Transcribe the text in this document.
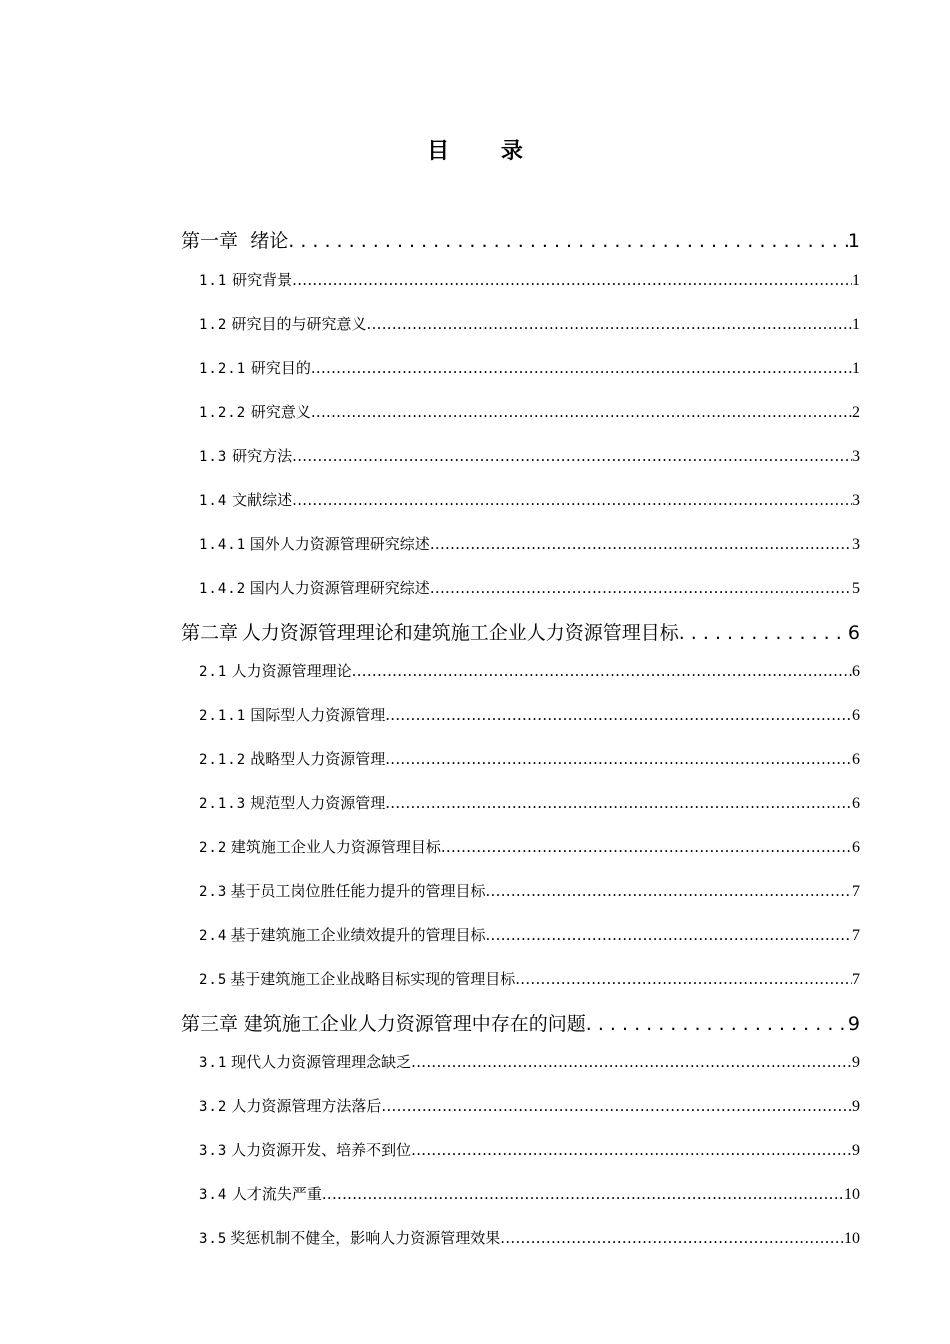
目 录
第一章 绪论 . . .	1
1.1 研究背景 .....	1
1.2 研究目的与研究意义 .....	1
1.2.1 研究目的 .....	1
1.2.2 研究意义 .....	2
1.3 研究方法 .....	3
1.4 文献综述 .....	3
1.4.1 国外人力资源管理研究综述 .....	3
1.4.2 国内人力资源管理研究综述 .....	5
第二章 人力资源管理理论和建筑施工企业人力资源管理目标 . . .	6
2.1 人力资源管理理论 .....	6
2.1.1 国际型人力资源管理 .....	6
2.1.2 战略型人力资源管理 .....	6
2.1.3 规范型人力资源管理 .....	6
2.2 建筑施工企业人力资源管理目标 .....	6
2.3 基于员工岗位胜任能力提升的管理目标 .....	7
2.4 基于建筑施工企业绩效提升的管理目标 .....	7
2.5 基于建筑施工企业战略目标实现的管理目标 .....	7
第三章 建筑施工企业人力资源管理中存在的问题 . . .	9
3.1 现代人力资源管理理念缺乏 .....	9
3.2 人力资源管理方法落后 .....	9
3.3 人力资源开发、培养不到位 .....	9
3.4 人才流失严重 .....	10
3.5 奖惩机制不健全，影响人力资源管理效果 .....	10
